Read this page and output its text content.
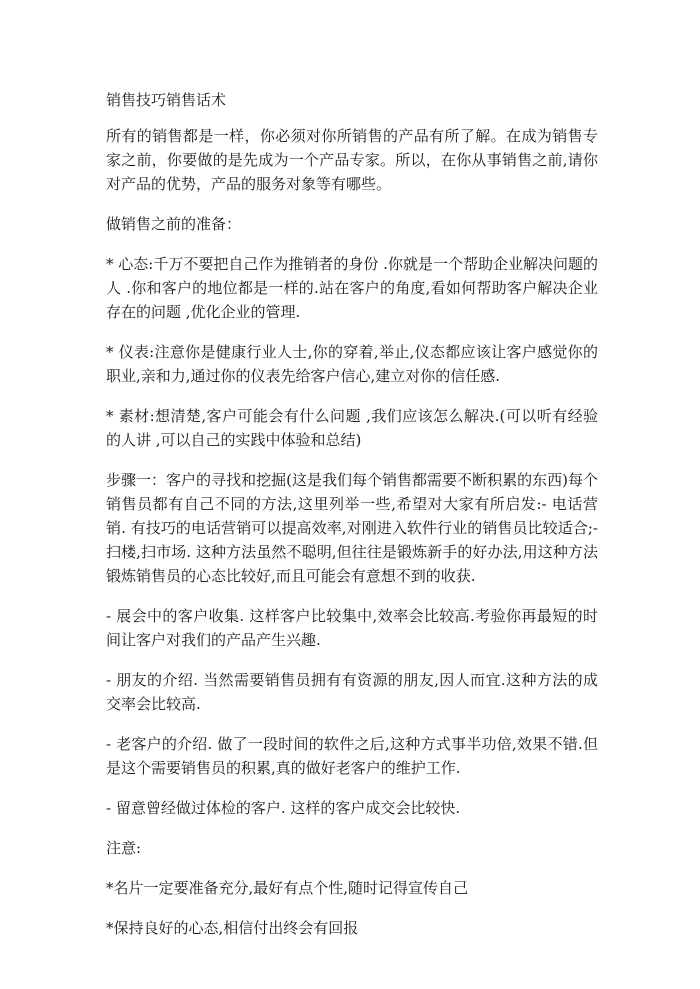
销售技巧销售话术

所有的销售都是一样，你必须对你所销售的产品有所了解。在成为销售专家之前，你要做的是先成为一个产品专家。所以，在你从事销售之前,请你对产品的优势，产品的服务对象等有哪些。

做销售之前的准备：

* 心态:千万不要把自己作为推销者的身份 .你就是一个帮助企业解决问题的人 .你和客户的地位都是一样的.站在客户的角度,看如何帮助客户解决企业存在的问题 ,优化企业的管理.

* 仪表:注意你是健康行业人士,你的穿着,举止,仪态都应该让客户感觉你的职业,亲和力,通过你的仪表先给客户信心,建立对你的信任感.

* 素材:想清楚,客户可能会有什么问题 ,我们应该怎么解决.(可以听有经验的人讲 ,可以自己的实践中体验和总结)

步骤一：客户的寻找和挖掘(这是我们每个销售都需要不断积累的东西)每个销售员都有自己不同的方法,这里列举一些,希望对大家有所启发:- 电话营销. 有技巧的电话营销可以提高效率,对刚进入软件行业的销售员比较适合;- 扫楼,扫市场. 这种方法虽然不聪明,但往往是锻炼新手的好办法,用这种方法锻炼销售员的心态比较好,而且可能会有意想不到的收获.

- 展会中的客户收集. 这样客户比较集中,效率会比较高.考验你再最短的时间让客户对我们的产品产生兴趣.

- 朋友的介绍. 当然需要销售员拥有有资源的朋友,因人而宜.这种方法的成交率会比较高.

- 老客户的介绍. 做了一段时间的软件之后,这种方式事半功倍,效果不错.但是这个需要销售员的积累,真的做好老客户的维护工作.

- 留意曾经做过体检的客户. 这样的客户成交会比较快.

注意:

*名片一定要准备充分,最好有点个性,随时记得宣传自己

*保持良好的心态,相信付出终会有回报
